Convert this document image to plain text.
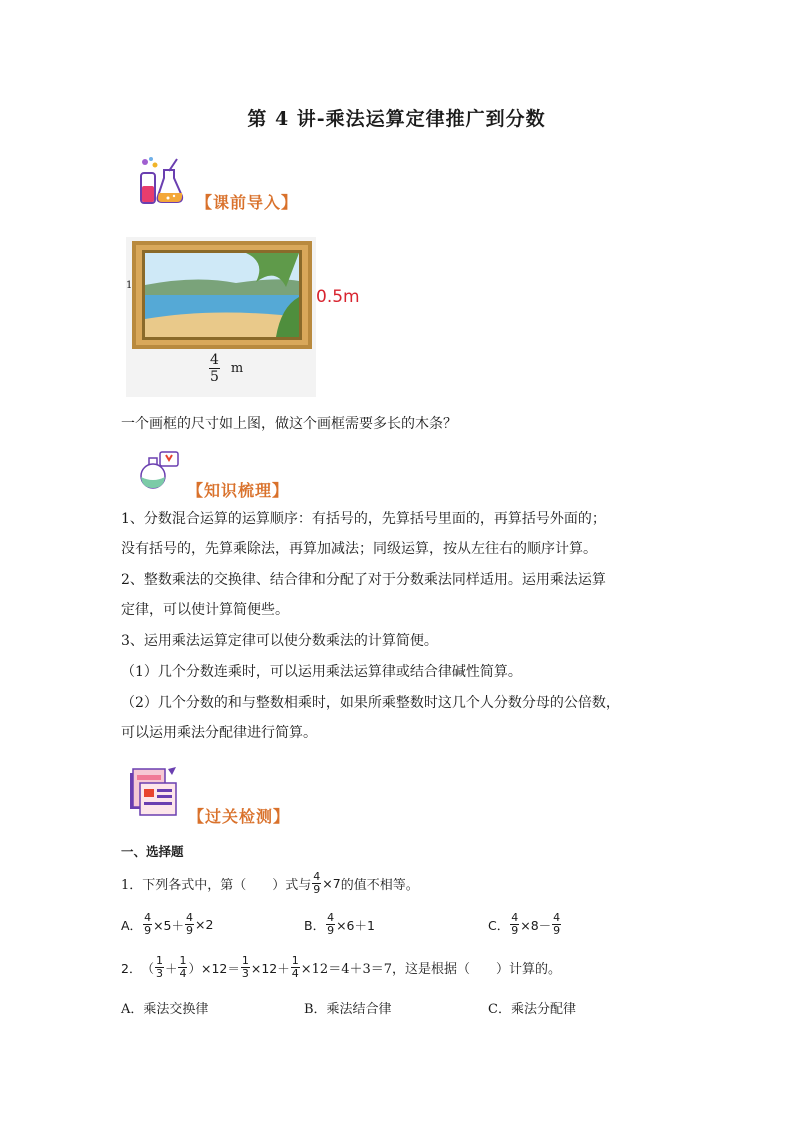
第 4 讲-乘法运算定律推广到分数
【课前导入】
1
0.5m
$\frac{4}{5}$ m
一个画框的尺寸如上图，做这个画框需要多长的木条？
【知识梳理】
1、分数混合运算的运算顺序：有括号的，先算括号里面的，再算括号外面的；
没有括号的，先算乘除法，再算加减法；同级运算，按从左往右的顺序计算。
2、整数乘法的交换律、结合律和分配了对于分数乘法同样适用。运用乘法运算
定律，可以使计算简便些。
3、运用乘法运算定律可以使分数乘法的计算简便。
（1）几个分数连乘时，可以运用乘法运算律或结合律碱性简算。
（2）几个分数的和与整数相乘时，如果所乘整数时这几个人分数分母的公倍数，
可以运用乘法分配律进行简算。
【过关检测】
一、选择题
1．下列各式中，第（　　）式与 $\frac{4}{9} \times 7$ 的值不相等。
A． $\frac{4}{9} \times 5+ \frac{4}{9} \times 2$	B． $\frac{4}{9} \times 6+1$	C． $\frac{4}{9} \times 8- \frac{4}{9}$
2． （ $\frac{1}{3} + \frac{1}{4} )\times 12= \frac{1}{3} \times 12+ \frac{1}{4} \times 12=4+3=7$，这是根据（　　）计算的。
A．乘法交换律	B．乘法结合律	C．乘法分配律
